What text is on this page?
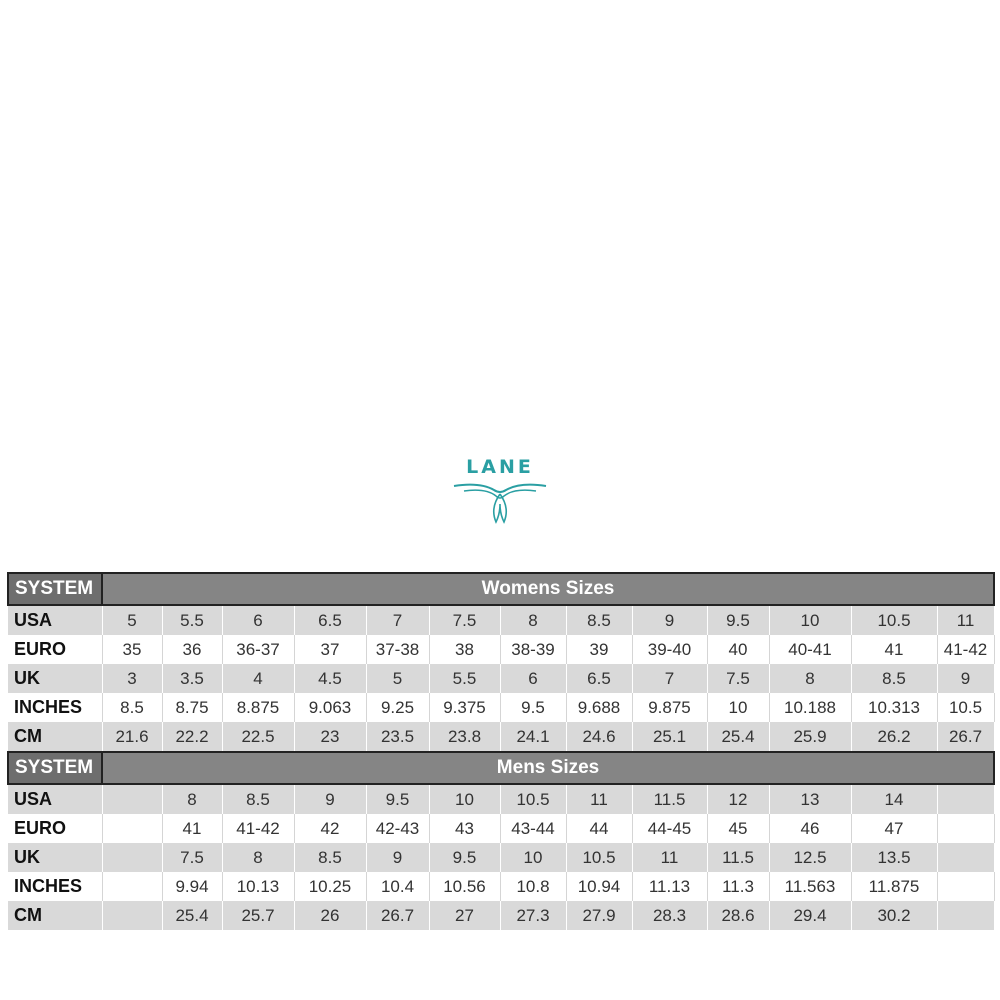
LANE
SYSTEM	Womens Sizes												
USA	5	5.5	6	6.5	7	7.5	8	8.5	9	9.5	10	10.5	11
EURO	35	36	36-37	37	37-38	38	38-39	39	39-40	40	40-41	41	41-42
UK	3	3.5	4	4.5	5	5.5	6	6.5	7	7.5	8	8.5	9
INCHES	8.5	8.75	8.875	9.063	9.25	9.375	9.5	9.688	9.875	10	10.188	10.313	10.5
CM	21.6	22.2	22.5	23	23.5	23.8	24.1	24.6	25.1	25.4	25.9	26.2	26.7
SYSTEM	Mens Sizes												
USA		8	8.5	9	9.5	10	10.5	11	11.5	12	13	14	
EURO		41	41-42	42	42-43	43	43-44	44	44-45	45	46	47	
UK		7.5	8	8.5	9	9.5	10	10.5	11	11.5	12.5	13.5	
INCHES		9.94	10.13	10.25	10.4	10.56	10.8	10.94	11.13	11.3	11.563	11.875	
CM		25.4	25.7	26	26.7	27	27.3	27.9	28.3	28.6	29.4	30.2	
